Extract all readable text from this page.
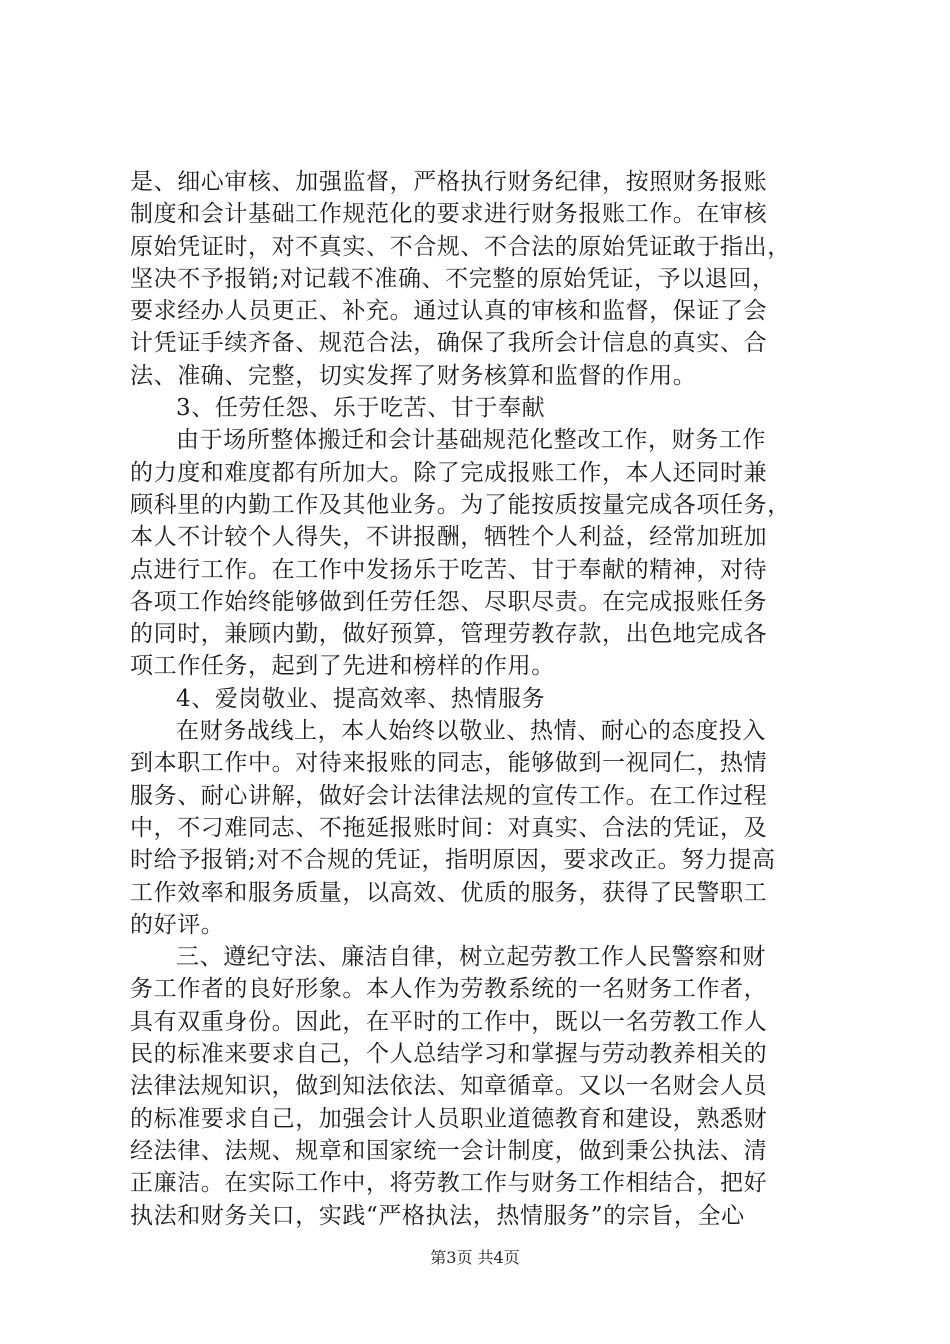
是、细心审核、加强监督，严格执行财务纪律，按照财务报账
制度和会计基础工作规范化的要求进行财务报账工作。在审核
原始凭证时，对不真实、不合规、不合法的原始凭证敢于指出，
坚决不予报销;对记载不准确、不完整的原始凭证，予以退回，
要求经办人员更正、补充。通过认真的审核和监督，保证了会
计凭证手续齐备、规范合法，确保了我所会计信息的真实、合
法、准确、完整，切实发挥了财务核算和监督的作用。
3、任劳任怨、乐于吃苦、甘于奉献
由于场所整体搬迁和会计基础规范化整改工作，财务工作
的力度和难度都有所加大。除了完成报账工作，本人还同时兼
顾科里的内勤工作及其他业务。为了能按质按量完成各项任务，
本人不计较个人得失，不讲报酬，牺牲个人利益，经常加班加
点进行工作。在工作中发扬乐于吃苦、甘于奉献的精神，对待
各项工作始终能够做到任劳任怨、尽职尽责。在完成报账任务
的同时，兼顾内勤，做好预算，管理劳教存款，出色地完成各
项工作任务，起到了先进和榜样的作用。
4、爱岗敬业、提高效率、热情服务
在财务战线上，本人始终以敬业、热情、耐心的态度投入
到本职工作中。对待来报账的同志，能够做到一视同仁，热情
服务、耐心讲解，做好会计法律法规的宣传工作。在工作过程
中，不刁难同志、不拖延报账时间：对真实、合法的凭证，及
时给予报销;对不合规的凭证，指明原因，要求改正。努力提高
工作效率和服务质量，以高效、优质的服务，获得了民警职工
的好评。
三、遵纪守法、廉洁自律，树立起劳教工作人民警察和财
务工作者的良好形象。本人作为劳教系统的一名财务工作者，
具有双重身份。因此，在平时的工作中，既以一名劳教工作人
民的标准来要求自己，个人总结学习和掌握与劳动教养相关的
法律法规知识，做到知法依法、知章循章。又以一名财会人员
的标准要求自己，加强会计人员职业道德教育和建设，熟悉财
经法律、法规、规章和国家统一会计制度，做到秉公执法、清
正廉洁。在实际工作中，将劳教工作与财务工作相结合，把好
执法和财务关口，实践“严格执法，热情服务”的宗旨，全心
第3页 共4页
